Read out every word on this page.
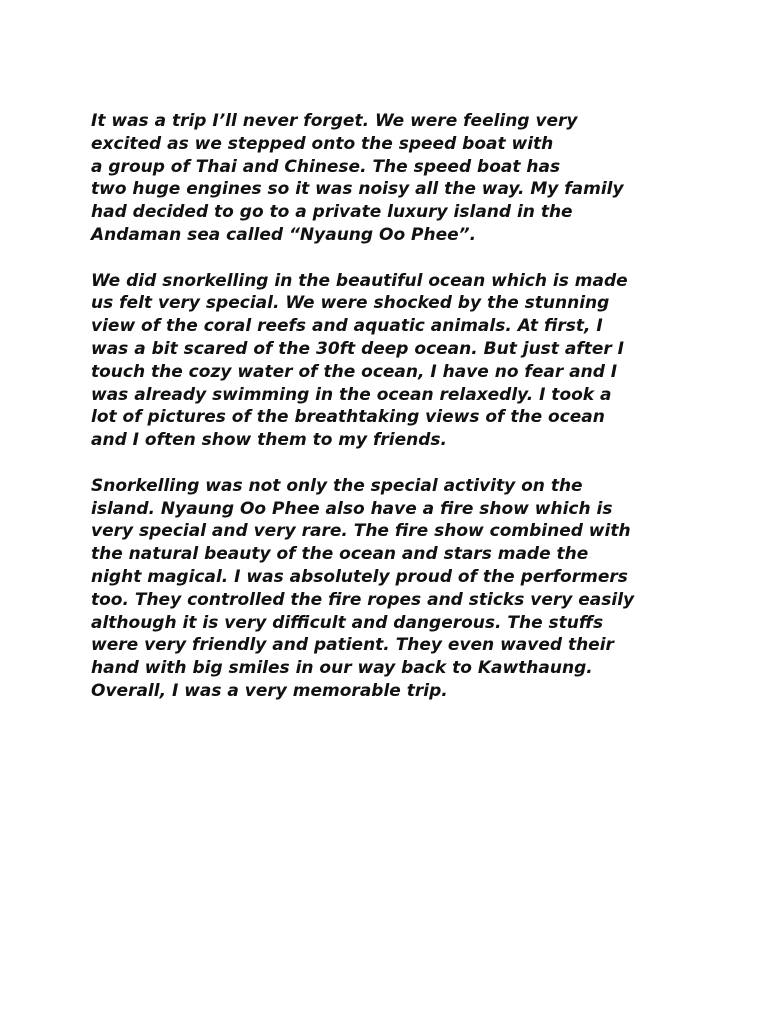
It was a trip I’ll never forget. We were feeling very
excited as we stepped onto the speed boat with
a group of Thai and Chinese. The speed boat has
two huge engines so it was noisy all the way. My family
had decided to go to a private luxury island in the
Andaman sea called “Nyaung Oo Phee”.

We did snorkelling in the beautiful ocean which is made
us felt very special. We were shocked by the stunning
view of the coral reefs and aquatic animals. At first, I
was a bit scared of the 30ft deep ocean. But just after I
touch the cozy water of the ocean, I have no fear and I
was already swimming in the ocean relaxedly. I took a
lot of pictures of the breathtaking views of the ocean
and I often show them to my friends.

Snorkelling was not only the special activity on the
island. Nyaung Oo Phee also have a fire show which is
very special and very rare. The fire show combined with
the natural beauty of the ocean and stars made the
night magical. I was absolutely proud of the performers
too. They controlled the fire ropes and sticks very easily
although it is very difficult and dangerous. The stuffs
were very friendly and patient. They even waved their
hand with big smiles in our way back to Kawthaung.
Overall, I was a very memorable trip.
